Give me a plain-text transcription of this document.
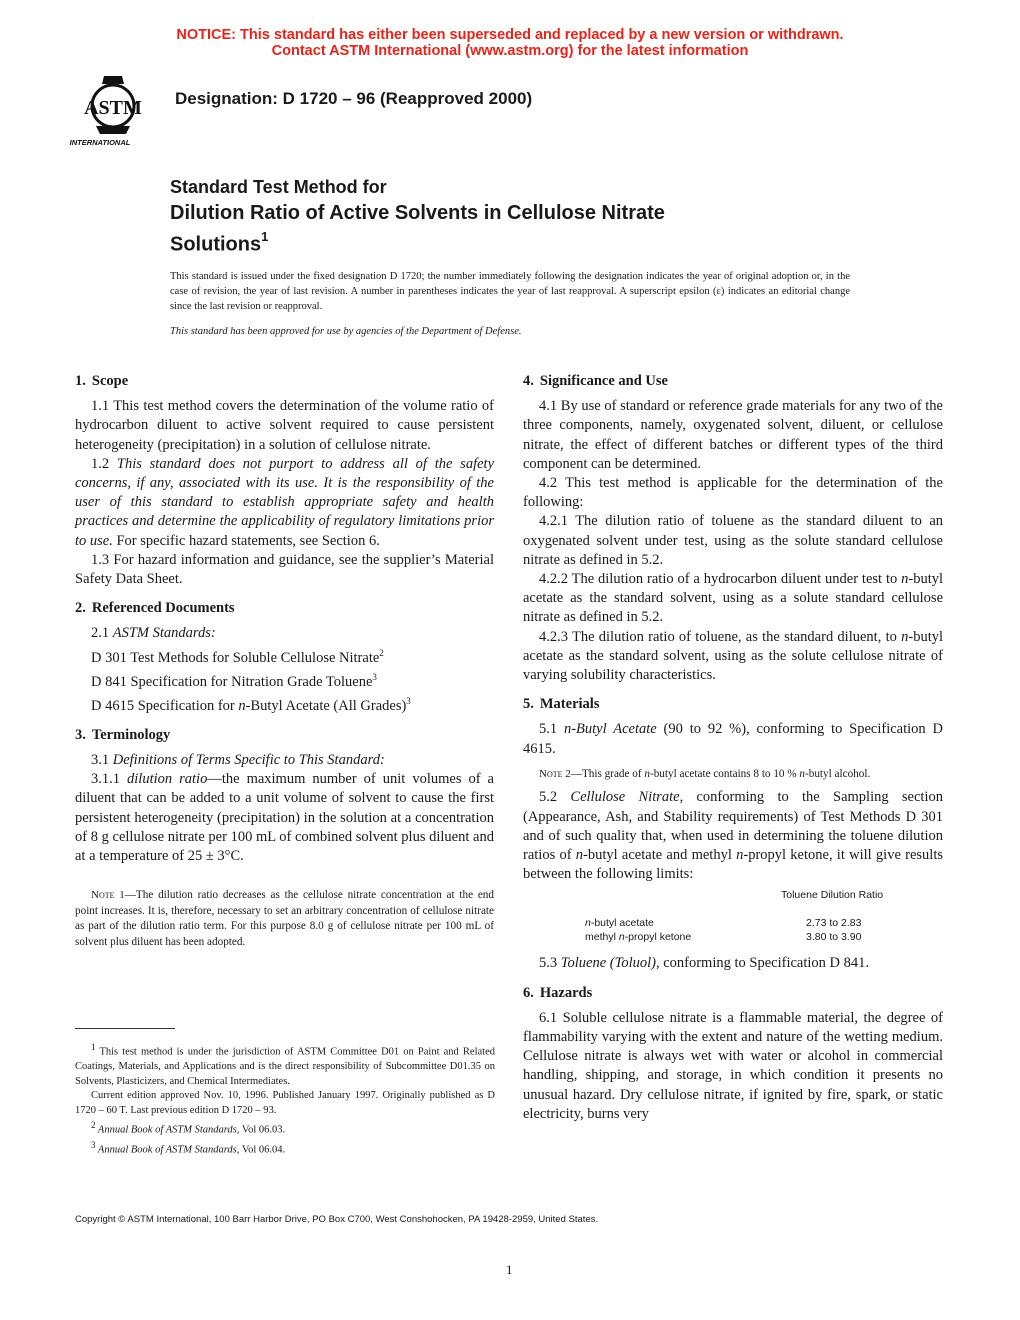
NOTICE: This standard has either been superseded and replaced by a new version or withdrawn.
Contact ASTM International (www.astm.org) for the latest information
ASTM
INTERNATIONAL
Designation: D 1720 – 96 (Reapproved 2000)
Standard Test Method for
Dilution Ratio of Active Solvents in Cellulose Nitrate
Solutions$^1$
This standard is issued under the fixed designation D 1720; the number immediately following the designation indicates the year of original adoption or, in the case of revision, the year of last revision. A number in parentheses indicates the year of last reapproval. A superscript epsilon (ε) indicates an editorial change since the last revision or reapproval.
This standard has been approved for use by agencies of the Department of Defense.
1. Scope

1.1 This test method covers the determination of the volume ratio of hydrocarbon diluent to active solvent required to cause persistent heterogeneity (precipitation) in a solution of cellulose nitrate.

1.2 This standard does not purport to address all of the safety concerns, if any, associated with its use. It is the responsibility of the user of this standard to establish appropriate safety and health practices and determine the applicability of regulatory limitations prior to use. For specific hazard statements, see Section 6.

1.3 For hazard information and guidance, see the supplier’s Material Safety Data Sheet.

2. Referenced Documents

2.1 ASTM Standards:

D 301 Test Methods for Soluble Cellulose Nitrate$^2$

D 841 Specification for Nitration Grade Toluene$^3$

D 4615 Specification for n-Butyl Acetate (All Grades)$^3$

3. Terminology

3.1 Definitions of Terms Specific to This Standard:

3.1.1 dilution ratio—the maximum number of unit volumes of a diluent that can be added to a unit volume of solvent to cause the first persistent heterogeneity (precipitation) in the solution at a concentration of 8 g cellulose nitrate per 100 mL of combined solvent plus diluent and at a temperature of 25 ± 3°C.

Note 1—The dilution ratio decreases as the cellulose nitrate concentration at the end point increases. It is, therefore, necessary to set an arbitrary concentration of cellulose nitrate as part of the dilution ratio term. For this purpose 8.0 g of cellulose nitrate per 100 mL of solvent plus diluent has been adopted.

$^1$ This test method is under the jurisdiction of ASTM Committee D01 on Paint and Related Coatings, Materials, and Applications and is the direct responsibility of Subcommittee D01.35 on Solvents, Plasticizers, and Chemical Intermediates.

Current edition approved Nov. 10, 1996. Published January 1997. Originally published as D 1720 – 60 T. Last previous edition D 1720 – 93.

$^2$ Annual Book of ASTM Standards, Vol 06.03.

$^3$ Annual Book of ASTM Standards, Vol 06.04.

4. Significance and Use

4.1 By use of standard or reference grade materials for any two of the three components, namely, oxygenated solvent, diluent, or cellulose nitrate, the effect of different batches or different types of the third component can be determined.

4.2 This test method is applicable for the determination of the following:

4.2.1 The dilution ratio of toluene as the standard diluent to an oxygenated solvent under test, using as the solute standard cellulose nitrate as defined in 5.2.

4.2.2 The dilution ratio of a hydrocarbon diluent under test to n-butyl acetate as the standard solvent, using as a solute standard cellulose nitrate as defined in 5.2.

4.2.3 The dilution ratio of toluene, as the standard diluent, to n-butyl acetate as the standard solvent, using as the solute cellulose nitrate of varying solubility characteristics.

5. Materials

5.1 n-Butyl Acetate (90 to 92 %), conforming to Specification D 4615.

Note 2—This grade of n-butyl acetate contains 8 to 10 % n-butyl alcohol.

5.2 Cellulose Nitrate, conforming to the Sampling section (Appearance, Ash, and Stability requirements) of Test Methods D 301 and of such quality that, when used in determining the toluene dilution ratios of n-butyl acetate and methyl n-propyl ketone, it will give results between the following limits:

Toluene Dilution Ratio
n-butyl acetate	2.73 to 2.83
methyl n-propyl ketone	3.80 to 3.90

5.3 Toluene (Toluol), conforming to Specification D 841.

6. Hazards

6.1 Soluble cellulose nitrate is a flammable material, the degree of flammability varying with the extent and nature of the wetting medium. Cellulose nitrate is always wet with water or alcohol in commercial handling, shipping, and storage, in which condition it presents no unusual hazard. Dry cellulose nitrate, if ignited by fire, spark, or static electricity, burns very

Copyright © ASTM International, 100 Barr Harbor Drive, PO Box C700, West Conshohocken, PA 19428-2959, United States.
1
